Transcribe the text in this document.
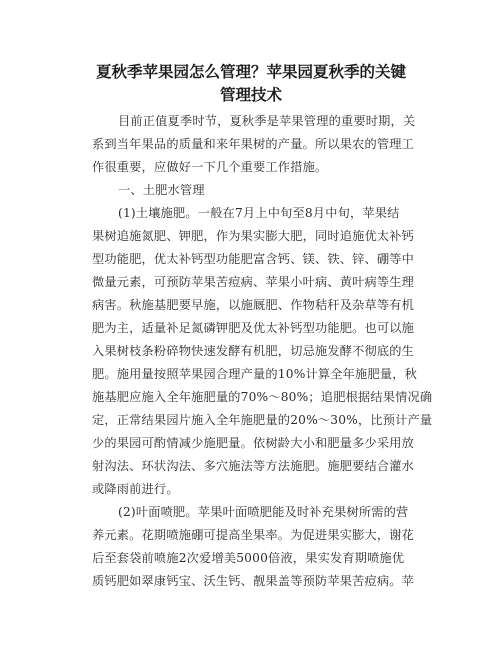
夏秋季苹果园怎么管理？苹果园夏秋季的关键
管理技术
目前正值夏季时节，夏秋季是苹果管理的重要时期，关
系到当年果品的质量和来年果树的产量。所以果农的管理工
作很重要，应做好一下几个重要工作措施。
一、土肥水管理
(1)土壤施肥。一般在7月上中旬至8月中旬，苹果结
果树追施氮肥、钾肥，作为果实膨大肥，同时追施优太补钙
型功能肥，优太补钙型功能肥富含钙、镁、铁、锌、硼等中
微量元素，可预防苹果苦痘病、苹果小叶病、黄叶病等生理
病害。秋施基肥要早施，以施厩肥、作物秸秆及杂草等有机
肥为主，适量补足氮磷钾肥及优太补钙型功能肥。也可以施
入果树枝条粉碎物快速发酵有机肥，切忌施发酵不彻底的生
肥。施用量按照苹果园合理产量的10%计算全年施肥量，秋
施基肥应施入全年施肥量的70%～80%；追肥根据结果情况确
定，正常结果园片施入全年施肥量的20%～30%，比预计产量
少的果园可酌情减少施肥量。依树龄大小和肥量多少采用放
射沟法、环状沟法、多穴施法等方法施肥。施肥要结合灌水
或降雨前进行。
(2)叶面喷肥。苹果叶面喷肥能及时补充果树所需的营
养元素。花期喷施硼可提高坐果率。为促进果实膨大，谢花
后至套袋前喷施2次爱增美5000倍液，果实发育期喷施优
质钙肥如翠康钙宝、沃生钙、靓果盖等预防苹果苦痘病。苹
